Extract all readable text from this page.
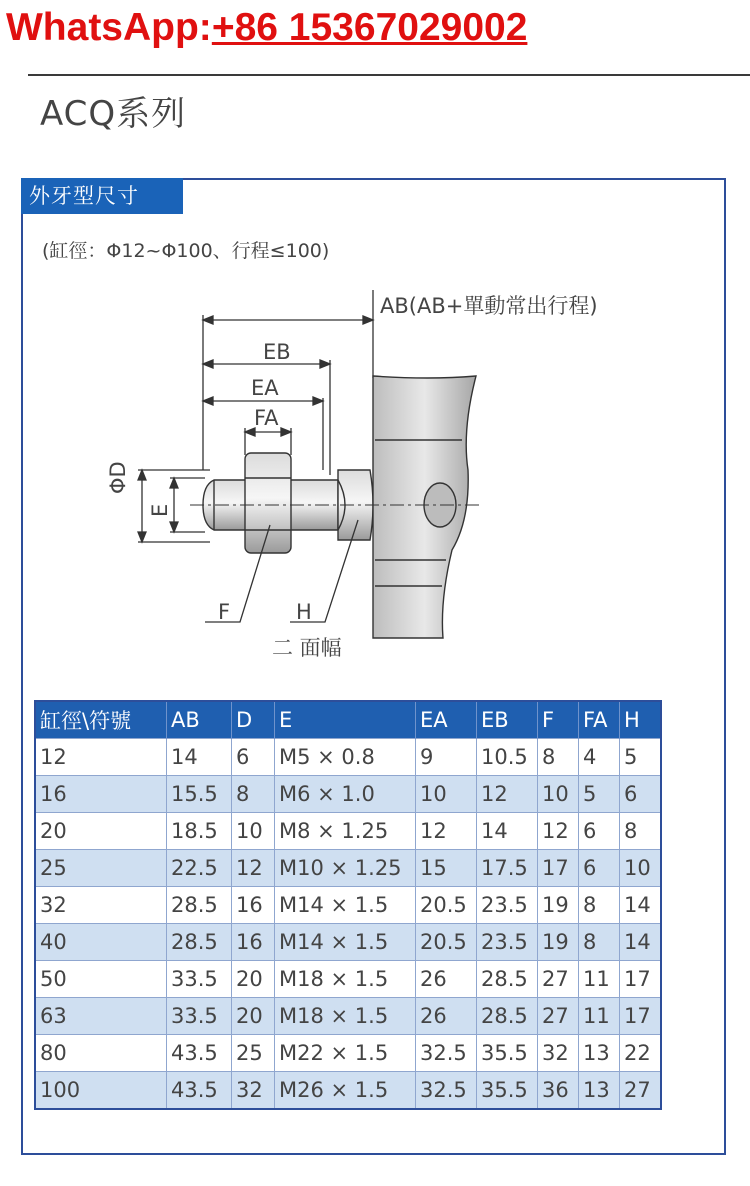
WhatsApp:+86 15367029002
ACQ系列
外牙型尺寸
(缸徑：Φ12~Φ100、行程≤100)
AB(AB+單動常出行程)
EB
EA
FA
ΦD
E
F	H
二 面幅
缸徑\符號	AB	D	E	EA	EB	F	FA	H
12	14	6	M5 × 0.8	9	10.5	8	4	5
16	15.5	8	M6 × 1.0	10	12	10	5	6
20	18.5	10	M8 × 1.25	12	14	12	6	8
25	22.5	12	M10 × 1.25	15	17.5	17	6	10
32	28.5	16	M14 × 1.5	20.5	23.5	19	8	14
40	28.5	16	M14 × 1.5	20.5	23.5	19	8	14
50	33.5	20	M18 × 1.5	26	28.5	27	11	17
63	33.5	20	M18 × 1.5	26	28.5	27	11	17
80	43.5	25	M22 × 1.5	32.5	35.5	32	13	22
100	43.5	32	M26 × 1.5	32.5	35.5	36	13	27
